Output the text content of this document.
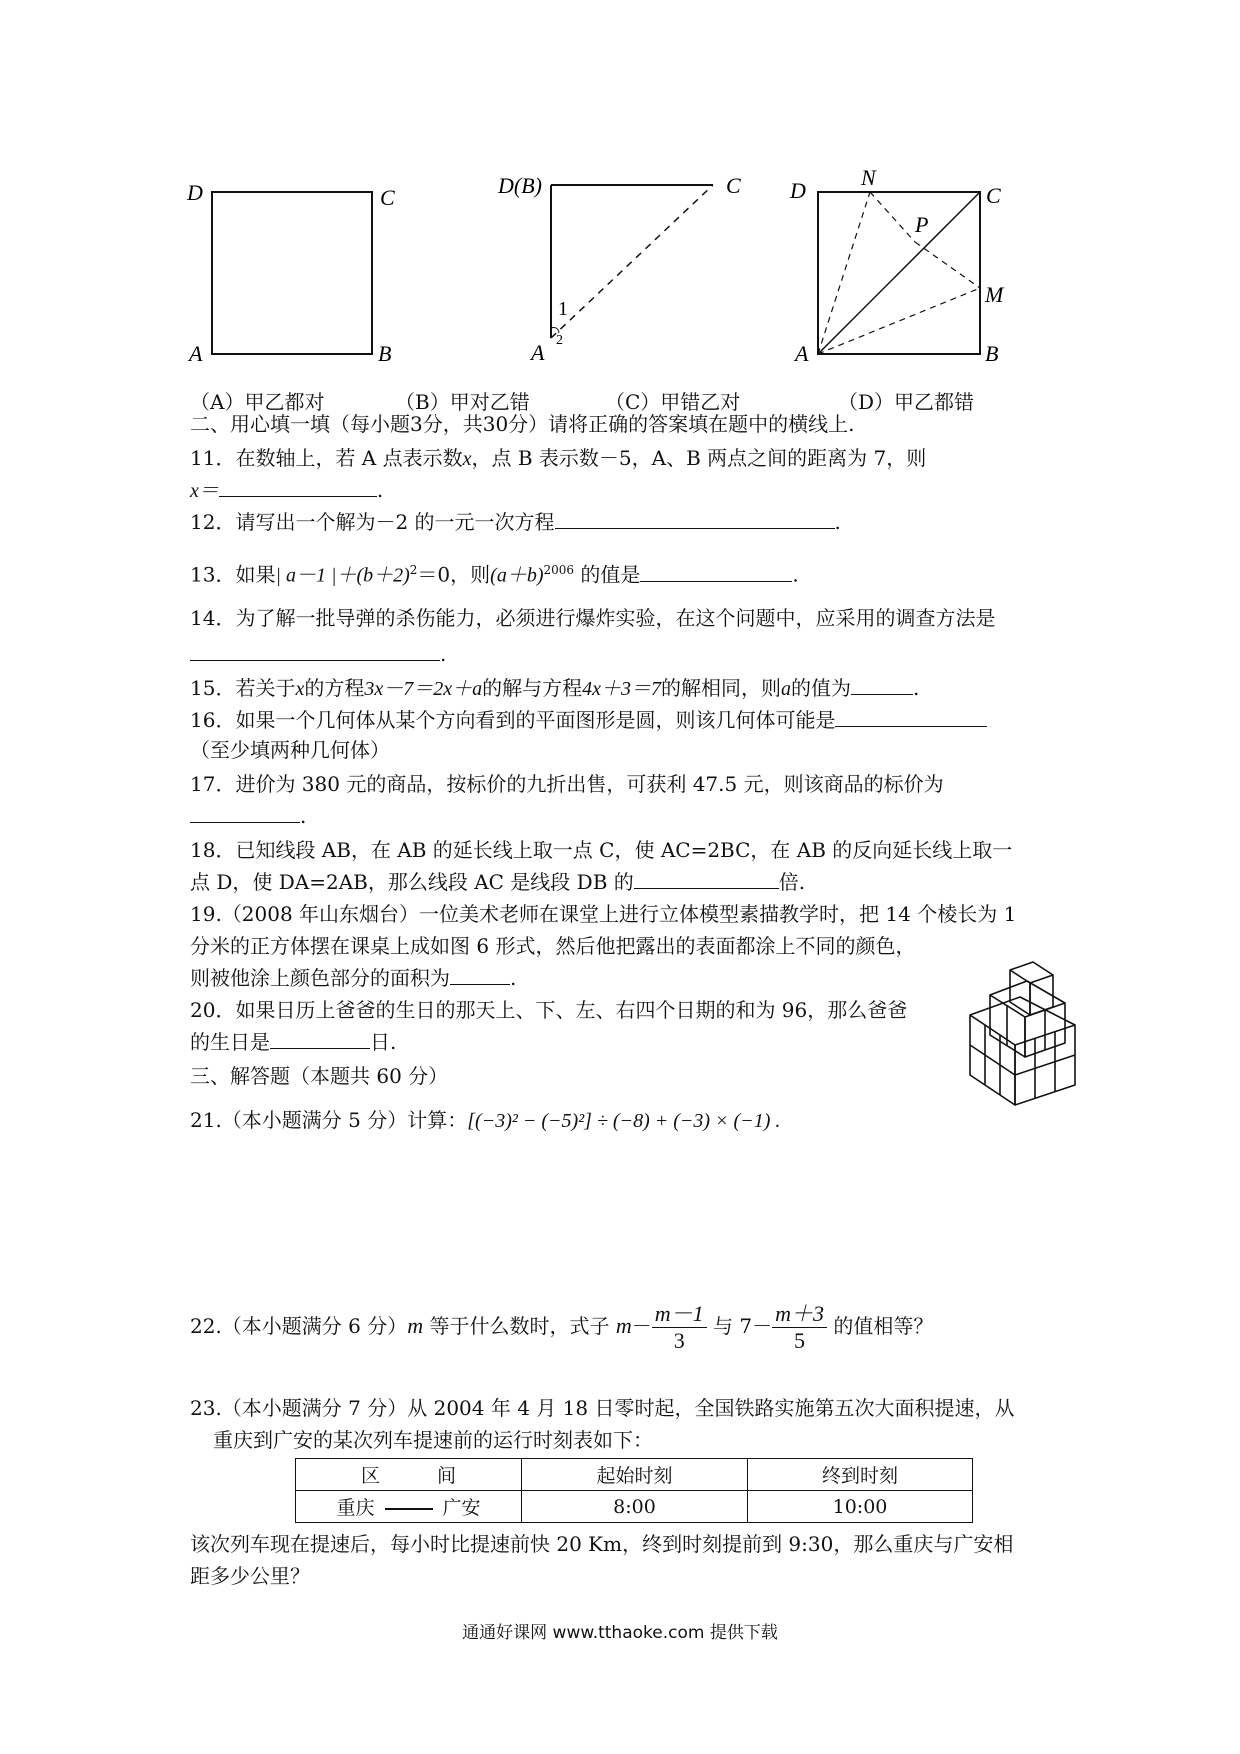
D	C
A	B
D(B)	C
A
1
2
D
N
C
P
M
A	B
（A）甲乙都对	（B）甲对乙错	（C）甲错乙对	（D）甲乙都错
二、用心填一填（每小题3分，共30分）请将正确的答案填在题中的横线上.
11．在数轴上，若 A 点表示数x，点 B 表示数－5，A、B 两点之间的距离为 7，则
x＝	.
12．请写出一个解为－2 的一元一次方程	.
13．如果| a－1 $|+(b+2)^2=0$，则$(a+b)^{2006}$ 的值是	.
14．为了解一批导弹的杀伤能力，必须进行爆炸实验，在这个问题中，应采用的调查方法是
.
15．若关于x的方程3x－7＝2x＋a的解与方程4x＋3＝7的解相同，则a的值为	.
16．如果一个几何体从某个方向看到的平面图形是圆，则该几何体可能是
（至少填两种几何体）
17．进价为 380 元的商品，按标价的九折出售，可获利 47.5 元，则该商品的标价为
.
18．已知线段 AB，在 AB 的延长线上取一点 C，使 AC=2BC，在 AB 的反向延长线上取一
点 D，使 DA=2AB，那么线段 AC 是线段 DB 的	倍.
19.（2008 年山东烟台）一位美术老师在课堂上进行立体模型素描教学时，把 14 个棱长为 1
分米的正方体摆在课桌上成如图 6 形式，然后他把露出的表面都涂上不同的颜色，
则被他涂上颜色部分的面积为	.
20．如果日历上爸爸的生日的那天上、下、左、右四个日期的和为 96，那么爸爸
的生日是	日.
三、解答题（本题共 60 分）
21.（本小题满分 5 分）计算：[(−3)² − (−5)²] ÷ (−8) + (−3) × (−1) .
22.（本小题满分 6 分）m 等于什么数时，式子 $m- \frac{m-1}{3}$ 与 $7- \frac{m+3}{5}$ 的值相等？
23.（本小题满分 7 分）从 2004 年 4 月 18 日零时起，全国铁路实施第五次大面积提速，从
重庆到广安的某次列车提速前的运行时刻表如下：
区　　　间	起始时刻	终到时刻
重庆 广安	8:00	10:00
该次列车现在提速后，每小时比提速前快 20 Km，终到时刻提前到 9:30，那么重庆与广安相
距多少公里？
通通好课网 www.tthaoke.com 提供下载
